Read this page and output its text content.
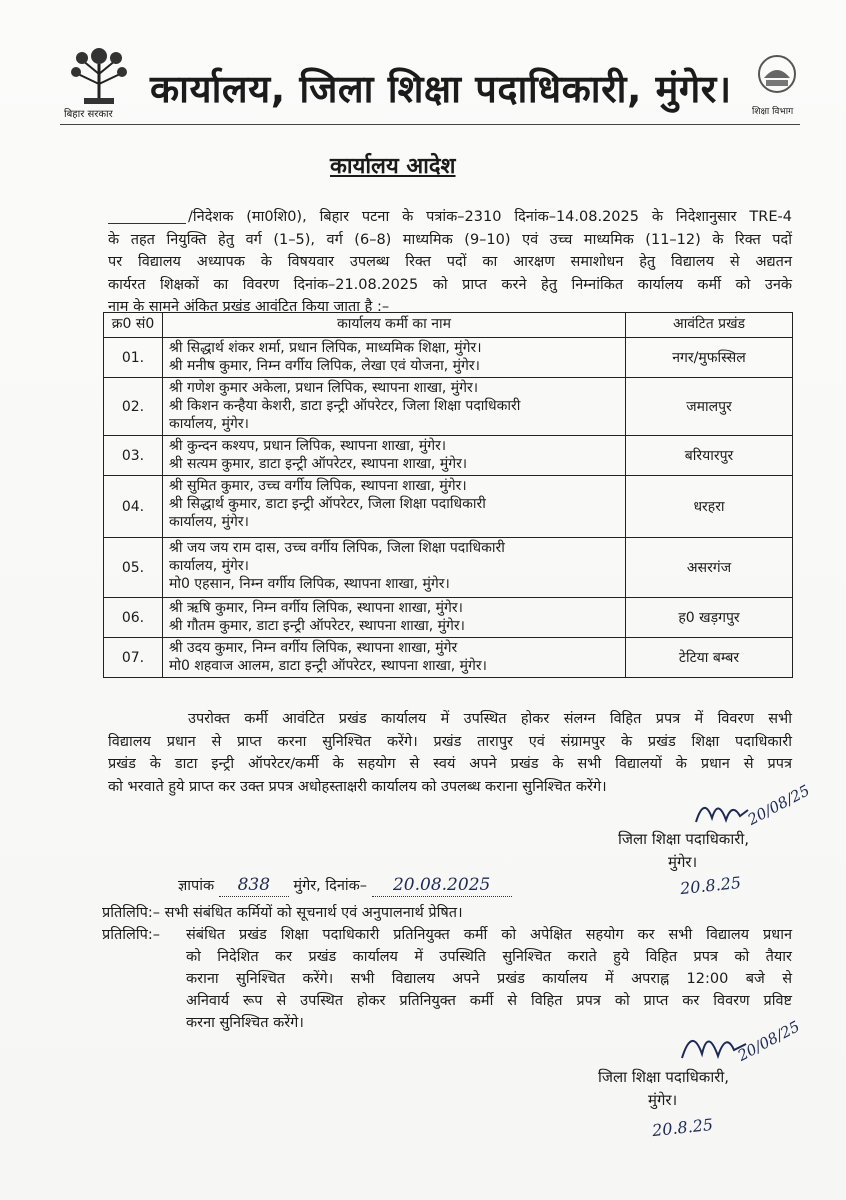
बिहार सरकार
कार्यालय, जिला शिक्षा पदाधिकारी, मुंगेर।
शिक्षा विभाग
कार्यालय आदेश
/निदेशक (मा0शि0), बिहार पटना के पत्रांक–2310 दिनांक–14.08.2025 के निदेशानुसार TRE-4
के तहत नियुक्ति हेतु वर्ग (1–5), वर्ग (6–8) माध्यमिक (9–10) एवं उच्च माध्यमिक (11–12) के रिक्त पदों
पर विद्यालय अध्यापक के विषयवार उपलब्ध रिक्त पदों का आरक्षण समाशोधन हेतु विद्यालय से अद्यतन
कार्यरत शिक्षकों का विवरण दिनांक–21.08.2025 को प्राप्त करने हेतु निम्नांकित कार्यालय कर्मी को उनके
नाम के सामने अंकित प्रखंड आवंटित किया जाता है :–
क्र0 सं0	कार्यालय कर्मी का नाम	आवंटित प्रखंड
01.	श्री सिद्धार्थ शंकर शर्मा, प्रधान लिपिक, माध्यमिक शिक्षा, मुंगेर।
श्री मनीष कुमार, निम्न वर्गीय लिपिक, लेखा एवं योजना, मुंगेर।	नगर/मुफस्सिल
02.	श्री गणेश कुमार अकेला, प्रधान लिपिक, स्थापना शाखा, मुंगेर।
श्री किशन कन्हैया केशरी, डाटा इन्ट्री ऑपरेटर, जिला शिक्षा पदाधिकारी
कार्यालय, मुंगेर।	जमालपुर
03.	श्री कुन्दन कश्यप, प्रधान लिपिक, स्थापना शाखा, मुंगेर।
श्री सत्यम कुमार, डाटा इन्ट्री ऑपरेटर, स्थापना शाखा, मुंगेर।	बरियारपुर
04.	श्री सुमित कुमार, उच्च वर्गीय लिपिक, स्थापना शाखा, मुंगेर।
श्री सिद्धार्थ कुमार, डाटा इन्ट्री ऑपरेटर, जिला शिक्षा पदाधिकारी
कार्यालय, मुंगेर।	धरहरा
05.	श्री जय जय राम दास, उच्च वर्गीय लिपिक, जिला शिक्षा पदाधिकारी
कार्यालय, मुंगेर।
मो0 एहसान, निम्न वर्गीय लिपिक, स्थापना शाखा, मुंगेर।	असरगंज
06.	श्री ऋषि कुमार, निम्न वर्गीय लिपिक, स्थापना शाखा, मुंगेर।
श्री गौतम कुमार, डाटा इन्ट्री ऑपरेटर, स्थापना शाखा, मुंगेर।	ह0 खड़गपुर
07.	श्री उदय कुमार, निम्न वर्गीय लिपिक, स्थापना शाखा, मुंगेर
मो0 शहवाज आलम, डाटा इन्ट्री ऑपरेटर, स्थापना शाखा, मुंगेर।	टेटिया बम्बर
उपरोक्त कर्मी आवंटित प्रखंड कार्यालय में उपस्थित होकर संलग्न विहित प्रपत्र में विवरण सभी
विद्यालय प्रधान से प्राप्त करना सुनिश्चित करेंगे। प्रखंड तारापुर एवं संग्रामपुर के प्रखंड शिक्षा पदाधिकारी
प्रखंड के डाटा इन्ट्री ऑपरेटर/कर्मी के सहयोग से स्वयं अपने प्रखंड के सभी विद्यालयों के प्रधान से प्रपत्र
को भरवाते हुये प्राप्त कर उक्त प्रपत्र अधोहस्ताक्षरी कार्यालय को उपलब्ध कराना सुनिश्चित करेंगे।	20/08/25
जिला शिक्षा पदाधिकारी,
मुंगेर।
20.8.25
ज्ञापांक 838 मुंगेर, दिनांक– 20.08.2025
प्रतिलिपि:– सभी संबंधित कर्मियों को सूचनार्थ एवं अनुपालनार्थ प्रेषित।
प्रतिलिपि:– संबंधित प्रखंड शिक्षा पदाधिकारी प्रतिनियुक्त कर्मी को अपेक्षित सहयोग कर सभी विद्यालय प्रधान
को निदेशित कर प्रखंड कार्यालय में उपस्थिति सुनिश्चित कराते हुये विहित प्रपत्र को तैयार
कराना सुनिश्चित करेंगे। सभी विद्यालय अपने प्रखंड कार्यालय में अपराह्न 12:00 बजे से
अनिवार्य रूप से उपस्थित होकर प्रतिनियुक्त कर्मी से विहित प्रपत्र को प्राप्त कर विवरण प्रविष्ट
करना सुनिश्चित करेंगे।	20/08/25
जिला शिक्षा पदाधिकारी,
मुंगेर।
20.8.25
